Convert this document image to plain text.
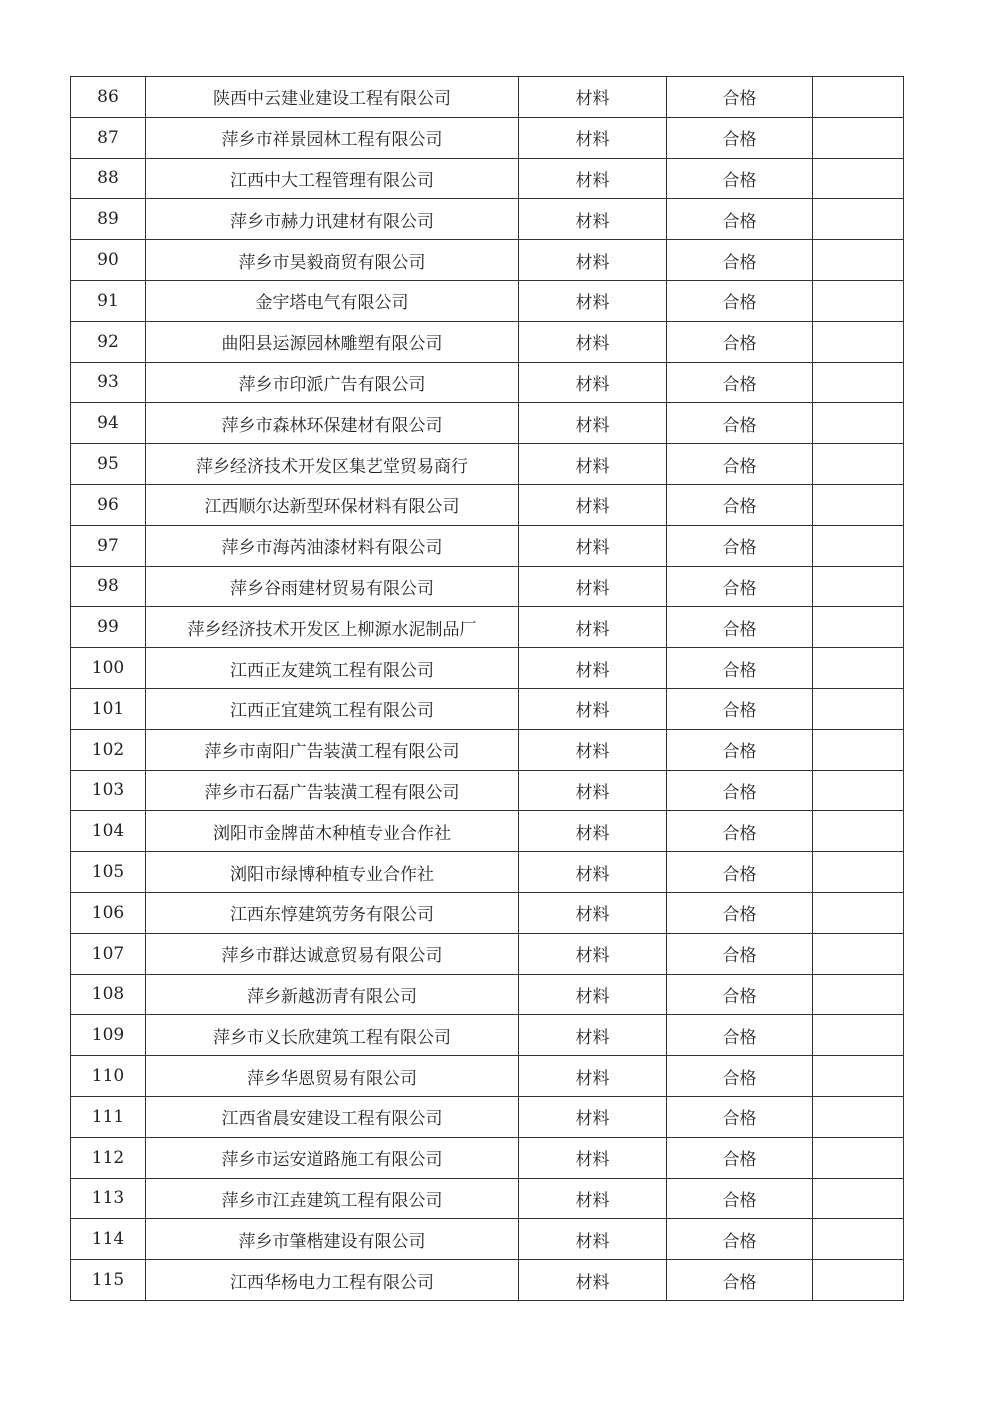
86	陕西中云建业建设工程有限公司	材料	合格	
87	萍乡市祥景园林工程有限公司	材料	合格	
88	江西中大工程管理有限公司	材料	合格	
89	萍乡市赫力讯建材有限公司	材料	合格	
90	萍乡市昊毅商贸有限公司	材料	合格	
91	金宇塔电气有限公司	材料	合格	
92	曲阳县运源园林雕塑有限公司	材料	合格	
93	萍乡市印派广告有限公司	材料	合格	
94	萍乡市森林环保建材有限公司	材料	合格	
95	萍乡经济技术开发区集艺堂贸易商行	材料	合格	
96	江西顺尔达新型环保材料有限公司	材料	合格	
97	萍乡市海芮油漆材料有限公司	材料	合格	
98	萍乡谷雨建材贸易有限公司	材料	合格	
99	萍乡经济技术开发区上柳源水泥制品厂	材料	合格	
100	江西正友建筑工程有限公司	材料	合格	
101	江西正宜建筑工程有限公司	材料	合格	
102	萍乡市南阳广告装潢工程有限公司	材料	合格	
103	萍乡市石磊广告装潢工程有限公司	材料	合格	
104	浏阳市金牌苗木种植专业合作社	材料	合格	
105	浏阳市绿博种植专业合作社	材料	合格	
106	江西东惇建筑劳务有限公司	材料	合格	
107	萍乡市群达诚意贸易有限公司	材料	合格	
108	萍乡新越沥青有限公司	材料	合格	
109	萍乡市义长欣建筑工程有限公司	材料	合格	
110	萍乡华恩贸易有限公司	材料	合格	
111	江西省晨安建设工程有限公司	材料	合格	
112	萍乡市运安道路施工有限公司	材料	合格	
113	萍乡市江垚建筑工程有限公司	材料	合格	
114	萍乡市肇楷建设有限公司	材料	合格	
115	江西华杨电力工程有限公司	材料	合格	
